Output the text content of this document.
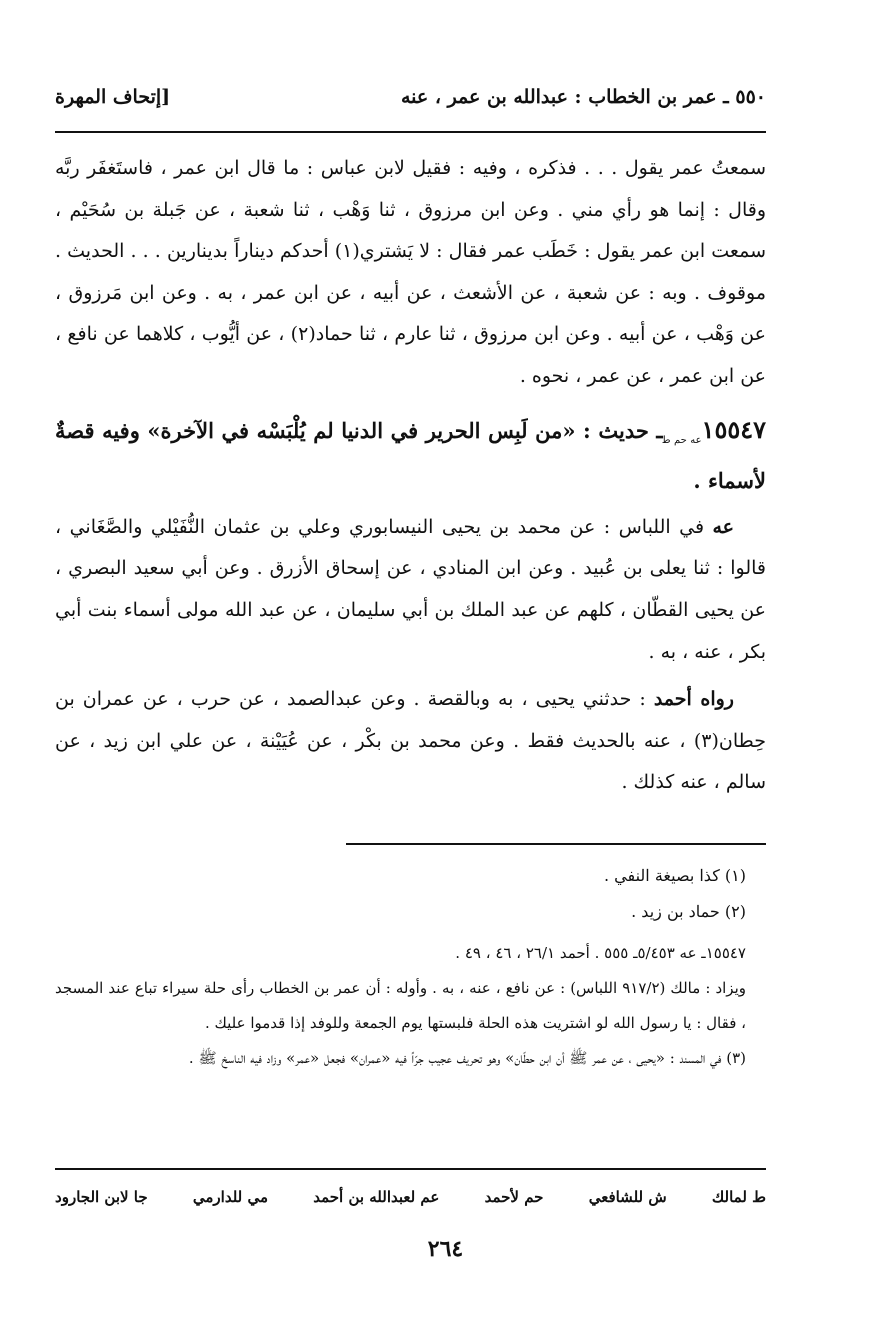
٥٥٠ ـ عمر بن الخطاب : عبدالله بن عمر ، عنه
[إتحاف المهرة

سمعتُ عمر يقول . . . فذكره ، وفيه : فقيل لابن عباس : ما قال ابن عمر ، فاستَغفَر ربَّه وقال : إنما هو رأي مني . وعن ابن مرزوق ، ثنا وَهْب ، ثنا شعبة ، عن جَبلة بن سُحَيْم ، سمعت ابن عمر يقول : خَطَب عمر فقال : لا يَشتري(١) أحدكم ديناراً بدينارين . . . الحديث . موقوف . وبه : عن شعبة ، عن الأشعث ، عن أبيه ، عن ابن عمر ، به . وعن ابن مَرزوق ، عن وَهْب ، عن أبيه . وعن ابن مرزوق ، ثنا عارم ، ثنا حماد(٢) ، عن أيُّوب ، كلاهما عن نافع ، عن ابن عمر ، عن عمر ، نحوه .

$١٥٥٤٧_{عه حم ط}ـ$ حديث : «من لَبِس الحرير في الدنيا لم يُلْبَسْه في الآخرة» وفيه قصةٌ لأسماء .

عه في اللباس : عن محمد بن يحيى النيسابوري وعلي بن عثمان النُّفَيْلي والصَّغَاني ، قالوا : ثنا يعلى بن عُبيد . وعن ابن المنادي ، عن إسحاق الأزرق . وعن أبي سعيد البصري ، عن يحيى القطّان ، كلهم عن عبد الملك بن أبي سليمان ، عن عبد الله مولى أسماء بنت أبي بكر ، عنه ، به .

رواه أحمد : حدثني يحيى ، به وبالقصة . وعن عبدالصمد ، عن حرب ، عن عمران بن حِطان(٣) ، عنه بالحديث فقط . وعن محمد بن بكْر ، عن عُيَيْنة ، عن علي ابن زيد ، عن سالم ، عنه كذلك .

(١) كذا بصيغة النفي .

(٢) حماد بن زيد .

١٥٥٤٧ـ عه ٥/٤٥٣ـ ٥٥٥ . أحمد ٢٦/١ ، ٤٦ ، ٤٩ .

ويزاد : مالك (٩١٧/٢ اللباس) : عن نافع ، عنه ، به . وأوله : أن عمر بن الخطاب رأى حلة سيراء تباع عند المسجد ، فقال : يا رسول الله لو اشتريت هذه الحلة فلبستها يوم الجمعة وللوفد إذا قدموا عليك .

(٣) في المسند : «يحيى ، عن عمر ﷺ أن ابن حطّان» وهو تحريف عجيب جرّاً فيه «عمران» فجعل «عمر» وزاد فيه الناسخ ﷺ .

ط لمالك
ش للشافعي
حم لأحمد
عم لعبدالله بن أحمد
مي للدارمي
جا لابن الجارود
٢٦٤
